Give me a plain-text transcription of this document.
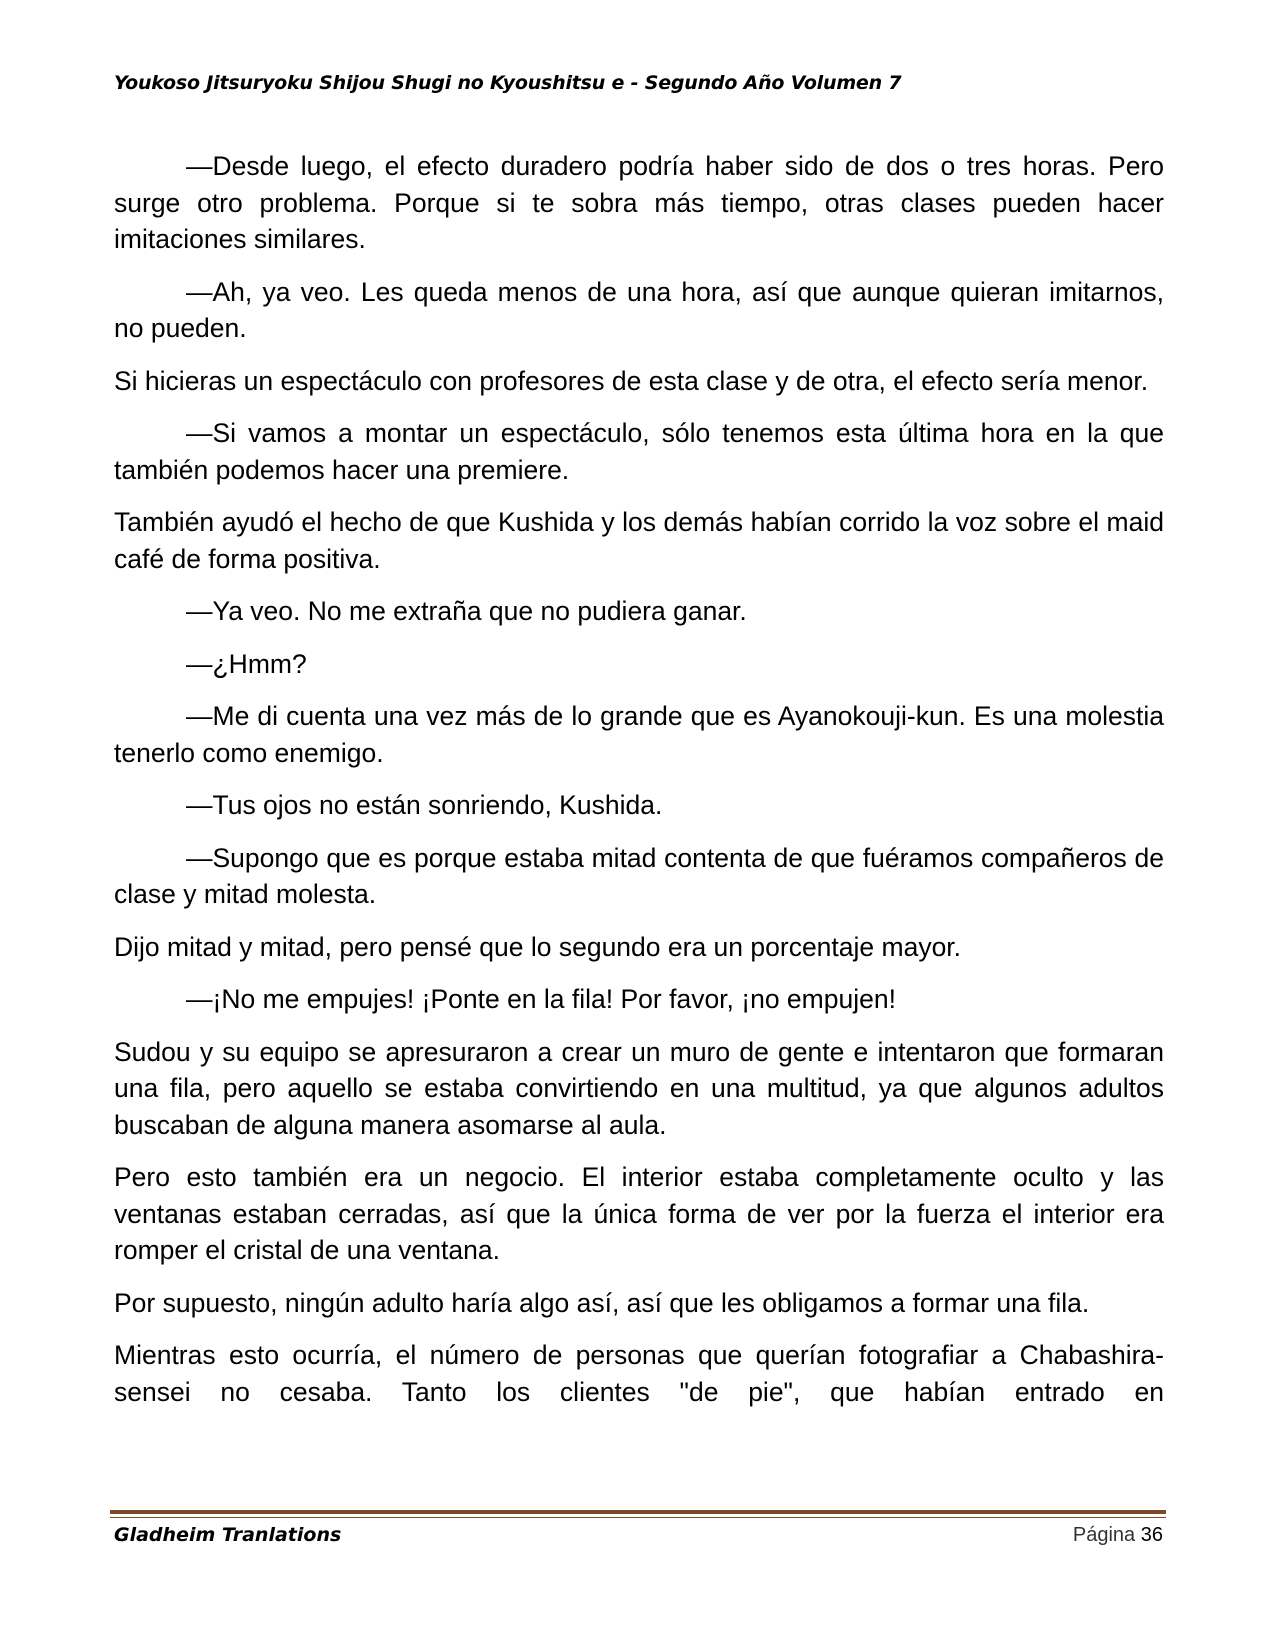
Youkoso Jitsuryoku Shijou Shugi no Kyoushitsu e - Segundo Año Volumen 7

—Desde luego, el efecto duradero podría haber sido de dos o tres horas. Pero surge otro problema. Porque si te sobra más tiempo, otras clases pueden hacer imitaciones similares.

—Ah, ya veo. Les queda menos de una hora, así que aunque quieran imitarnos, no pueden.

Si hicieras un espectáculo con profesores de esta clase y de otra, el efecto sería menor.

—Si vamos a montar un espectáculo, sólo tenemos esta última hora en la que también podemos hacer una premiere.

También ayudó el hecho de que Kushida y los demás habían corrido la voz sobre el maid café de forma positiva.

—Ya veo. No me extraña que no pudiera ganar.

—¿Hmm?

—Me di cuenta una vez más de lo grande que es Ayanokouji-kun. Es una molestia tenerlo como enemigo.

—Tus ojos no están sonriendo, Kushida.

—Supongo que es porque estaba mitad contenta de que fuéramos compañeros de clase y mitad molesta.

Dijo mitad y mitad, pero pensé que lo segundo era un porcentaje mayor.

—¡No me empujes! ¡Ponte en la fila! Por favor, ¡no empujen!

Sudou y su equipo se apresuraron a crear un muro de gente e intentaron que formaran una fila, pero aquello se estaba convirtiendo en una multitud, ya que algunos adultos buscaban de alguna manera asomarse al aula.

Pero esto también era un negocio. El interior estaba completamente oculto y las ventanas estaban cerradas, así que la única forma de ver por la fuerza el interior era romper el cristal de una ventana.

Por supuesto, ningún adulto haría algo así, así que les obligamos a formar una fila.

Mientras esto ocurría, el número de personas que querían fotografiar a Chabashira-sensei no cesaba. Tanto los clientes "de pie", que habían entrado en

Gladheim Tranlations	Página 36
